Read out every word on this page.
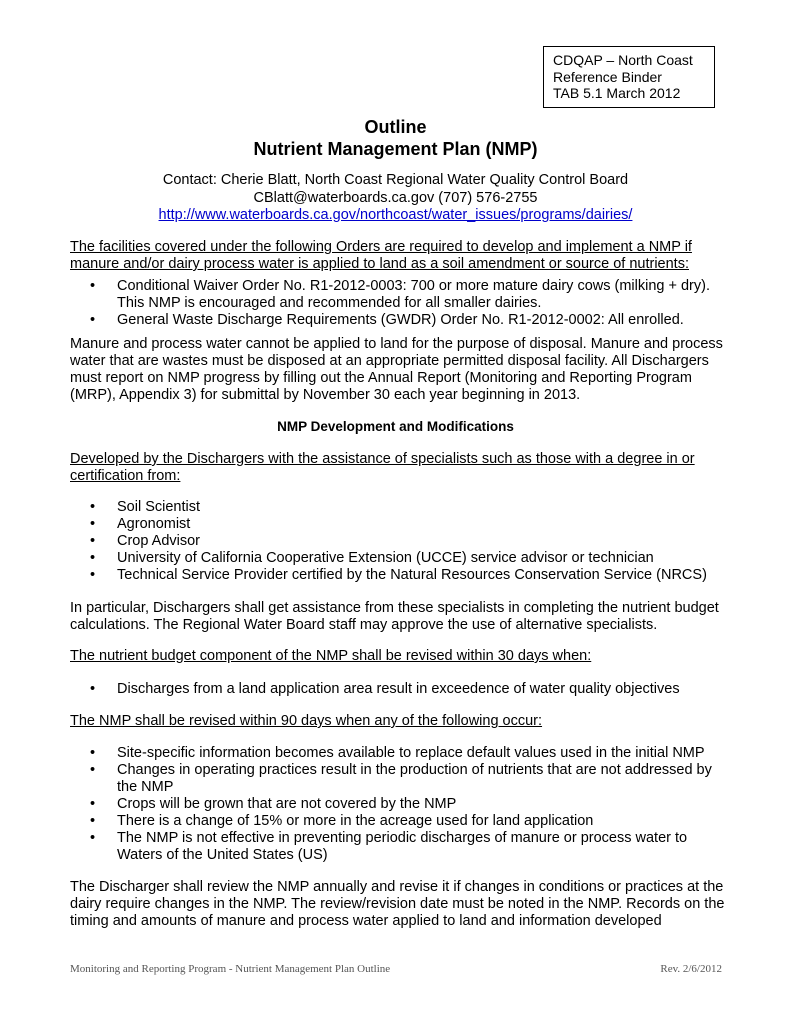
CDQAP – North Coast
Reference Binder
TAB 5.1 March 2012
Outline
Nutrient Management Plan (NMP)
Contact: Cherie Blatt, North Coast Regional Water Quality Control Board
CBlatt@waterboards.ca.gov (707) 576-2755
http://www.waterboards.ca.gov/northcoast/water_issues/programs/dairies/
The facilities covered under the following Orders are required to develop and implement a NMP if manure and/or dairy process water is applied to land as a soil amendment or source of nutrients:
• Conditional Waiver Order No. R1-2012-0003: 700 or more mature dairy cows (milking + dry). This NMP is encouraged and recommended for all smaller dairies.
• General Waste Discharge Requirements (GWDR) Order No. R1-2012-0002: All enrolled.
Manure and process water cannot be applied to land for the purpose of disposal. Manure and process water that are wastes must be disposed at an appropriate permitted disposal facility. All Dischargers must report on NMP progress by filling out the Annual Report (Monitoring and Reporting Program (MRP), Appendix 3) for submittal by November 30 each year beginning in 2013.
NMP Development and Modifications
Developed by the Dischargers with the assistance of specialists such as those with a degree in or certification from:
• Soil Scientist
• Agronomist
• Crop Advisor
• University of California Cooperative Extension (UCCE) service advisor or technician
• Technical Service Provider certified by the Natural Resources Conservation Service (NRCS)
In particular, Dischargers shall get assistance from these specialists in completing the nutrient budget calculations. The Regional Water Board staff may approve the use of alternative specialists.
The nutrient budget component of the NMP shall be revised within 30 days when:
• Discharges from a land application area result in exceedence of water quality objectives
The NMP shall be revised within 90 days when any of the following occur:
• Site-specific information becomes available to replace default values used in the initial NMP
• Changes in operating practices result in the production of nutrients that are not addressed by the NMP
• Crops will be grown that are not covered by the NMP
• There is a change of 15% or more in the acreage used for land application
• The NMP is not effective in preventing periodic discharges of manure or process water to Waters of the United States (US)
The Discharger shall review the NMP annually and revise it if changes in conditions or practices at the dairy require changes in the NMP. The review/revision date must be noted in the NMP. Records on the timing and amounts of manure and process water applied to land and information developed
Monitoring and Reporting Program - Nutrient Management Plan Outline	Rev. 2/6/2012
